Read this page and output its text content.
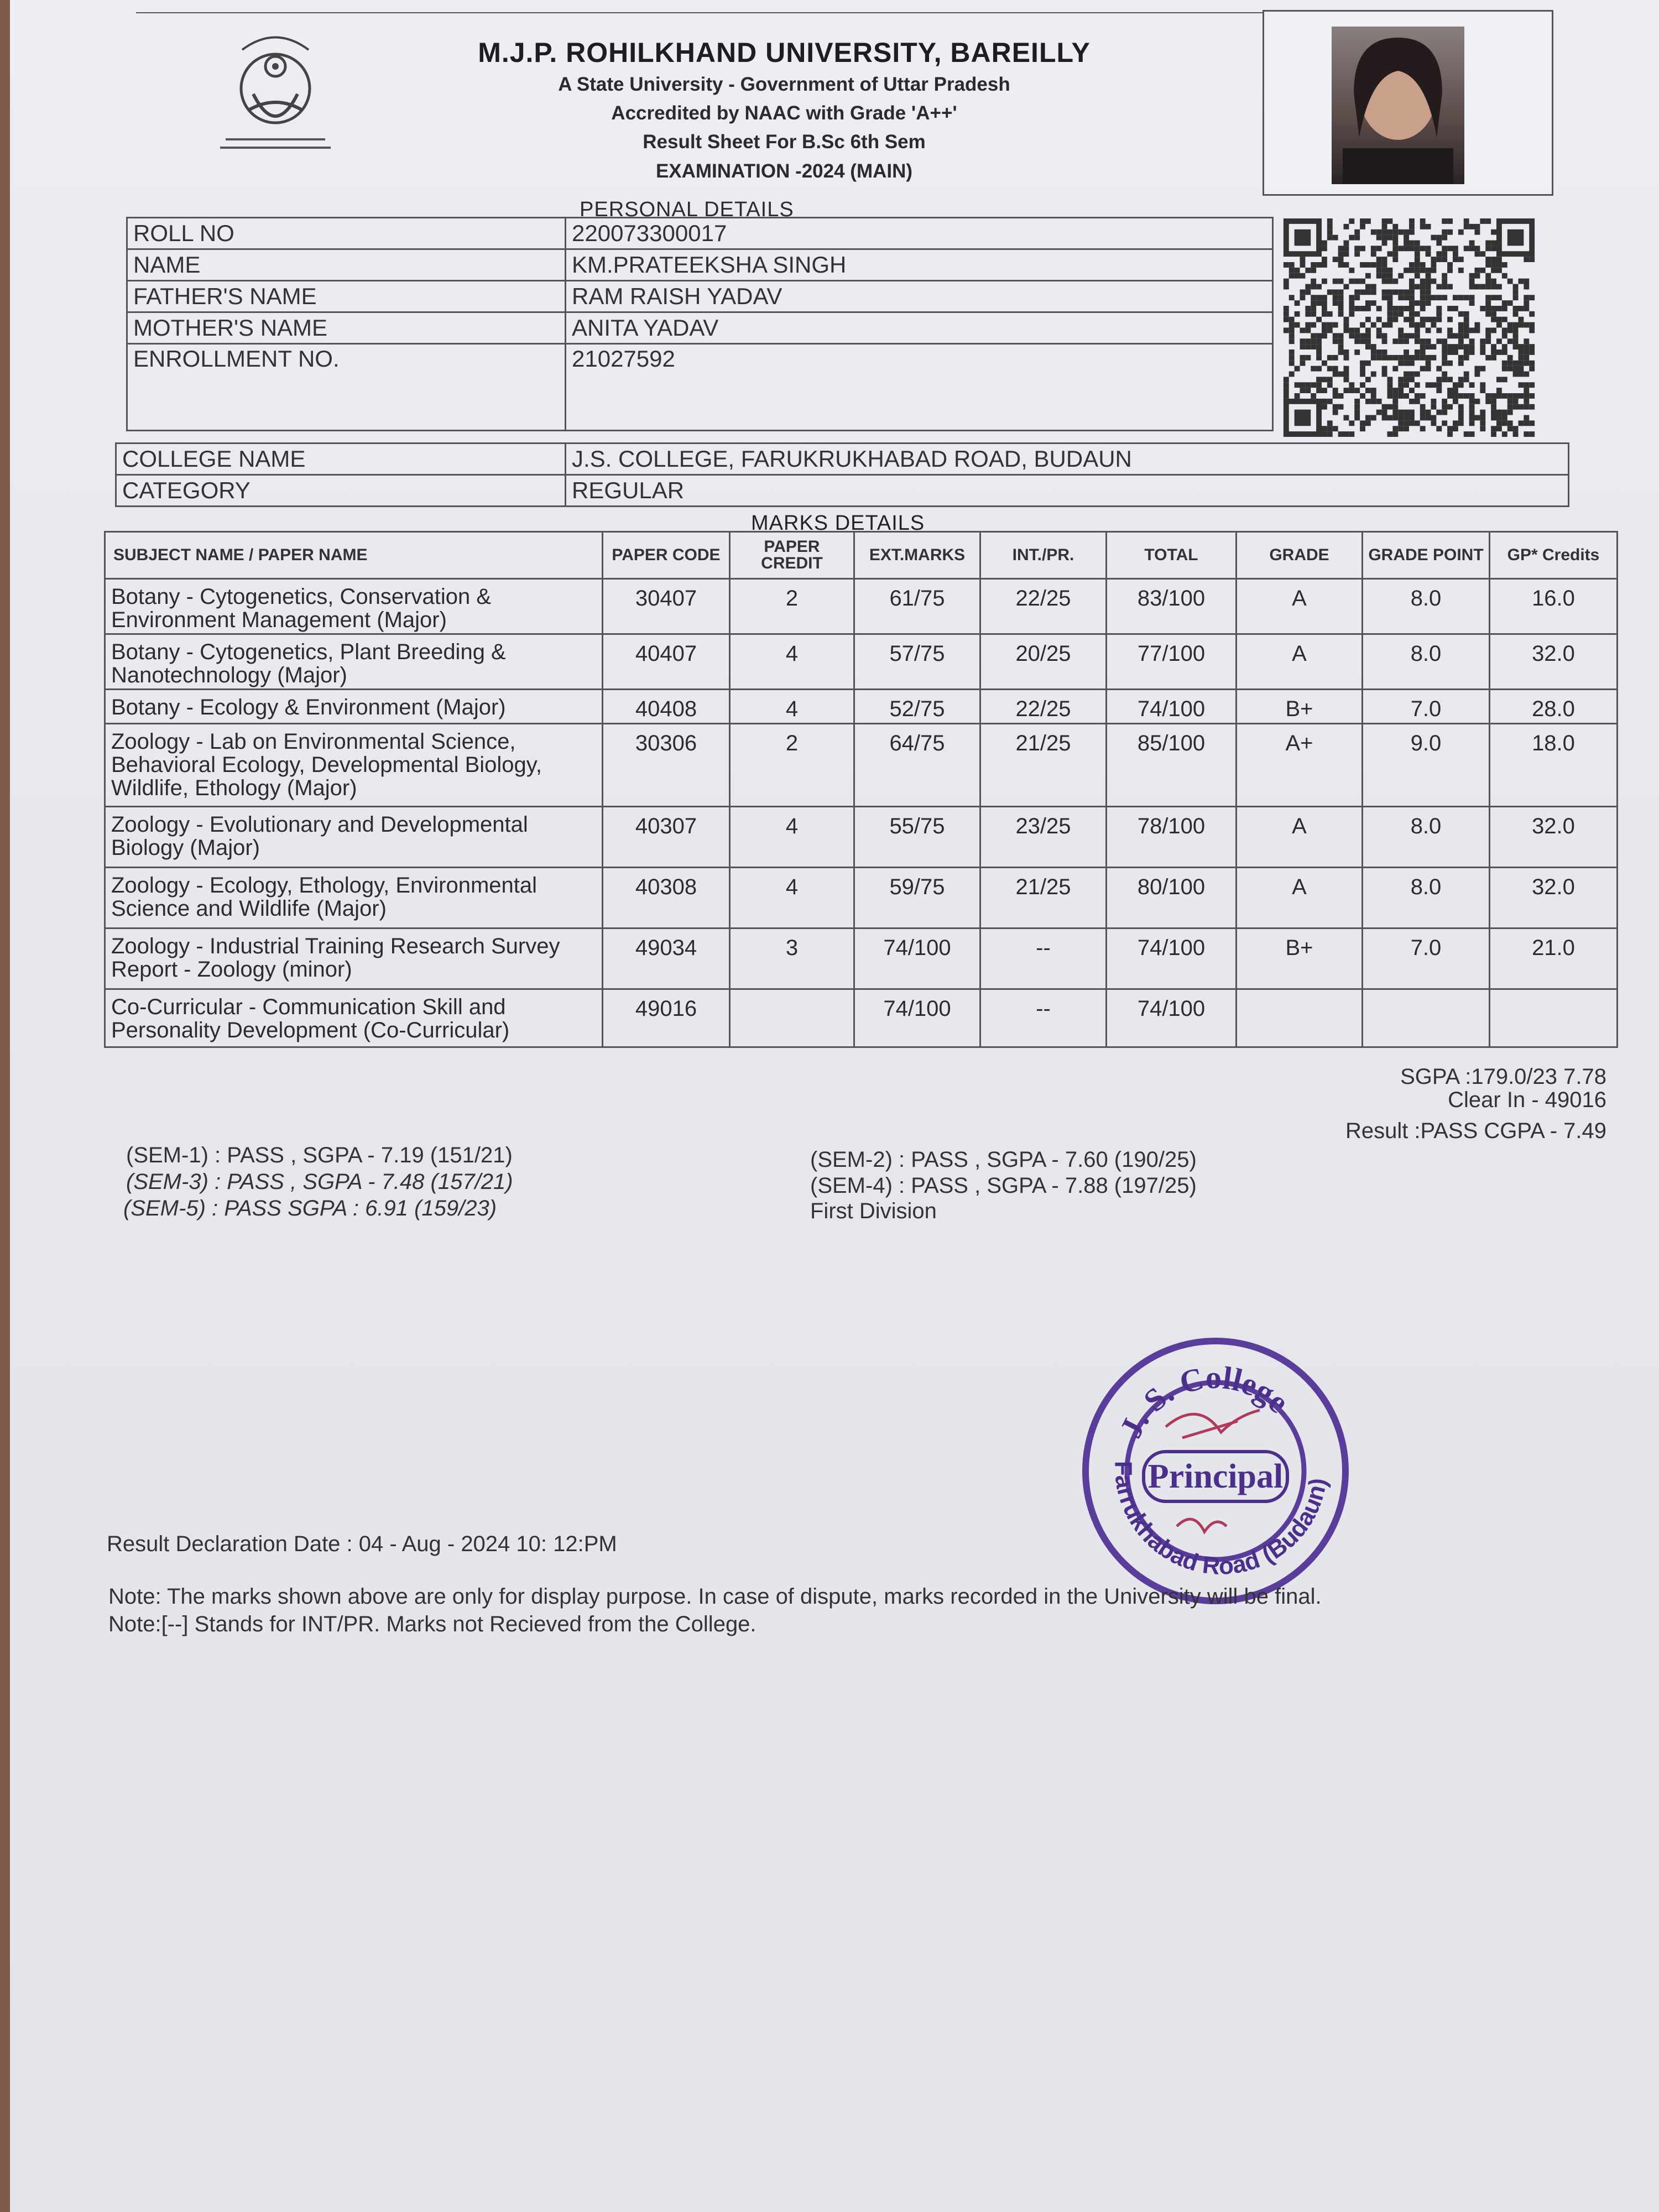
M.J.P. ROHILKHAND UNIVERSITY, BAREILLY
A State University - Government of Uttar Pradesh
Accredited by NAAC with Grade 'A++'
Result Sheet For B.Sc 6th Sem
EXAMINATION -2024 (MAIN)
PERSONAL DETAILS
ROLL NO	220073300017
NAME	KM.PRATEEKSHA SINGH
FATHER'S NAME	RAM RAISH YADAV
MOTHER'S NAME	ANITA YADAV
ENROLLMENT NO.	21027592
COLLEGE NAME	J.S. COLLEGE, FARUKRUKHABAD ROAD, BUDAUN
CATEGORY	REGULAR
MARKS DETAILS
SUBJECT NAME / PAPER NAME	PAPER CODE	PAPER CREDIT	EXT.MARKS	INT./PR.	TOTAL	GRADE	GRADE POINT	GP* Credits
Botany - Cytogenetics, Conservation & Environment Management (Major)	30407	2	61/75	22/25	83/100	A	8.0	16.0
Botany - Cytogenetics, Plant Breeding & Nanotechnology (Major)	40407	4	57/75	20/25	77/100	A	8.0	32.0
Botany - Ecology & Environment (Major)	40408	4	52/75	22/25	74/100	B+	7.0	28.0
Zoology - Lab on Environmental Science, Behavioral Ecology, Developmental Biology, Wildlife, Ethology (Major)	30306	2	64/75	21/25	85/100	A+	9.0	18.0
Zoology - Evolutionary and Developmental Biology (Major)	40307	4	55/75	23/25	78/100	A	8.0	32.0
Zoology - Ecology, Ethology, Environmental Science and Wildlife (Major)	40308	4	59/75	21/25	80/100	A	8.0	32.0
Zoology - Industrial Training Research Survey Report - Zoology (minor)	49034	3	74/100	--	74/100	B+	7.0	21.0
Co-Curricular - Communication Skill and Personality Development (Co-Curricular)	49016		74/100	--	74/100			
SGPA :179.0/23 7.78
Clear In - 49016
Result :PASS CGPA - 7.49
(SEM-1) : PASS , SGPA - 7.19 (151/21)
(SEM-3) : PASS , SGPA - 7.48 (157/21)
(SEM-5) : PASS SGPA : 6.91 (159/23)
(SEM-2) : PASS , SGPA - 7.60 (190/25)
(SEM-4) : PASS , SGPA - 7.88 (197/25)
First Division
J. S. College
Farrukhabad Road (Budaun)
Principal
Result Declaration Date : 04 - Aug - 2024 10: 12:PM
Note: The marks shown above are only for display purpose. In case of dispute, marks recorded in the University will be final.
Note:[--] Stands for INT/PR. Marks not Recieved from the College.
